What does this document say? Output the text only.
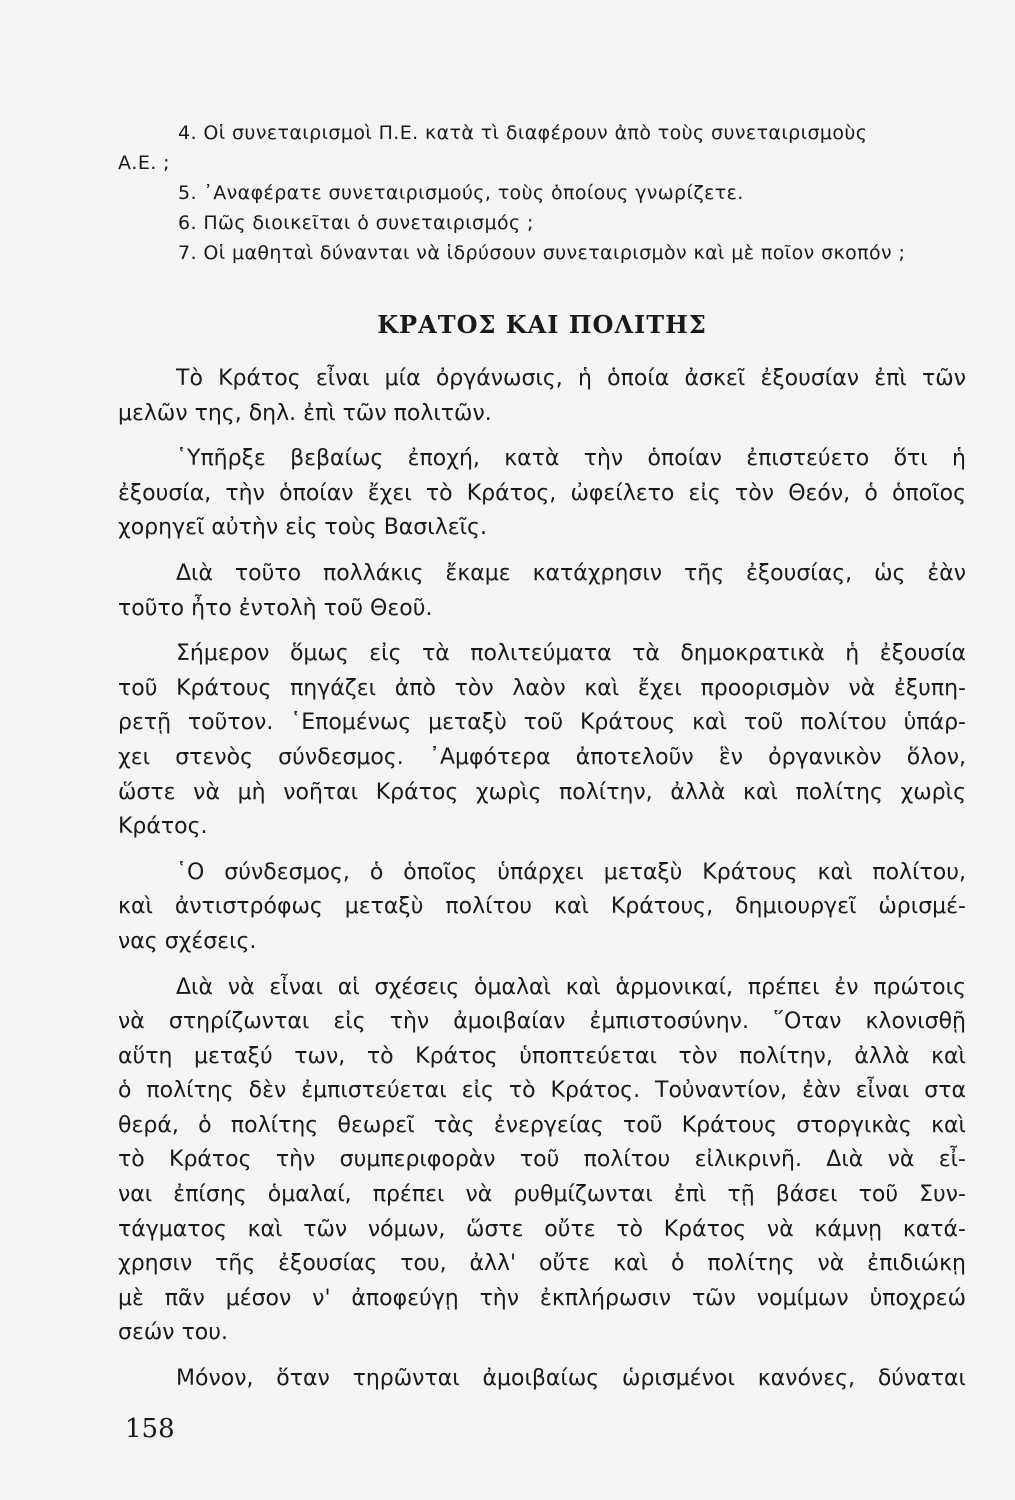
4. Οἱ συνεταιρισμοὶ Π.Ε. κατὰ τὶ διαφέρουν ἀπὸ τοὺς συνεταιρισμοὺς
Α.Ε. ;
5. ᾿Αναφέρατε συνεταιρισμούς, τοὺς ὁποίους γνωρίζετε.
6. Πῶς διοικεῖται ὁ συνεταιρισμός ;
7. Οἱ μαθηταὶ δύνανται νὰ ἱδρύσουν συνεταιρισμὸν καὶ μὲ ποῖον σκοπόν ;
ΚΡΑΤΟΣ ΚΑΙ ΠΟΛΙΤΗΣ

Τὸ Κράτος εἶναι μία ὀργάνωσις, ἡ ὁποία ἀσκεῖ ἐξουσίαν ἐπὶ τῶν
μελῶν της, δηλ. ἐπὶ τῶν πολιτῶν.

῾Υπῆρξε βεβαίως ἐποχή, κατὰ τὴν ὁποίαν ἐπιστεύετο ὅτι ἡ
ἐξουσία, τὴν ὁποίαν ἔχει τὸ Κράτος, ὠφείλετο εἰς τὸν Θεόν, ὁ ὁποῖος
χορηγεῖ αὐτὴν εἰς τοὺς Βασιλεῖς.

Διὰ τοῦτο πολλάκις ἔκαμε κατάχρησιν τῆς ἐξουσίας, ὡς ἐὰν
τοῦτο ἦτο ἐντολὴ τοῦ Θεοῦ.

Σήμερον ὅμως εἰς τὰ πολιτεύματα τὰ δημοκρατικὰ ἡ ἐξουσία
τοῦ Κράτους πηγάζει ἀπὸ τὸν λαὸν καὶ ἔχει προορισμὸν νὰ ἐξυπη-
ρετῇ τοῦτον. ῾Επομένως μεταξὺ τοῦ Κράτους καὶ τοῦ πολίτου ὑπάρ-
χει στενὸς σύνδεσμος. ᾿Αμφότερα ἀποτελοῦν ἓν ὀργανικὸν ὅλον,
ὥστε νὰ μὴ νοῆται Κράτος χωρὶς πολίτην, ἀλλὰ καὶ πολίτης χωρὶς
Κράτος.

῾Ο σύνδεσμος, ὁ ὁποῖος ὑπάρχει μεταξὺ Κράτους καὶ πολίτου,
καὶ ἀντιστρόφως μεταξὺ πολίτου καὶ Κράτους, δημιουργεῖ ὡρισμέ-
νας σχέσεις.

Διὰ νὰ εἶναι αἱ σχέσεις ὁμαλαὶ καὶ ἁρμονικαί, πρέπει ἐν πρώτοις
νὰ στηρίζωνται εἰς τὴν ἀμοιβαίαν ἐμπιστοσύνην. ῞Οταν κλονισθῇ
αὕτη μεταξύ των, τὸ Κράτος ὑποπτεύεται τὸν πολίτην, ἀλλὰ καὶ
ὁ πολίτης δὲν ἐμπιστεύεται εἰς τὸ Κράτος. Τοὐναντίον, ἐὰν εἶναι στα
θερά, ὁ πολίτης θεωρεῖ τὰς ἐνεργείας τοῦ Κράτους στοργικὰς καὶ
τὸ Κράτος τὴν συμπεριφορὰν τοῦ πολίτου εἰλικρινῆ. Διὰ νὰ εἶ-
ναι ἐπίσης ὁμαλαί, πρέπει νὰ ρυθμίζωνται ἐπὶ τῇ βάσει τοῦ Συν-
τάγματος καὶ τῶν νόμων, ὥστε οὔτε τὸ Κράτος νὰ κάμνῃ κατά-
χρησιν τῆς ἐξουσίας του, ἀλλ' οὔτε καὶ ὁ πολίτης νὰ ἐπιδιώκῃ
μὲ πᾶν μέσον ν' ἀποφεύγῃ τὴν ἐκπλήρωσιν τῶν νομίμων ὑποχρεώ
σεών του.

Μόνον, ὅταν τηρῶνται ἀμοιβαίως ὡρισμένοι κανόνες, δύναται

158
